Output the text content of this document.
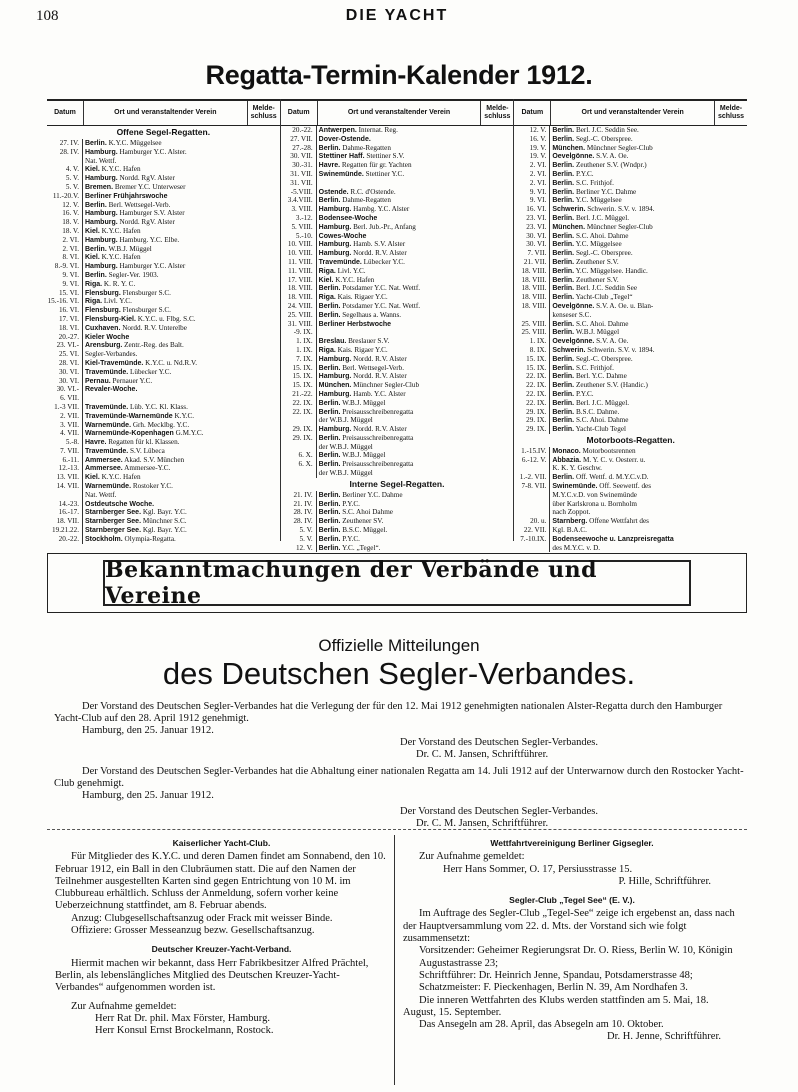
108	DIE YACHT
Regatta-Termin-Kalender 1912.
Datum	Ort und veranstaltender Verein
Melde-schluss
Offene Segel-Regatten.
27. IV. Berlin. K.Y.C. Müggelsee
28. IV. Hamburg. Hamburger Y.C. Alster.
Nat. Wettf.
4. V. Kiel. K.Y.C. Hafen
5. V. Hamburg. Nordd. RgV. Alster
5. V. Bremen. Bremer Y.C. Unterweser
11.-20.V. Berliner Frühjahrswoche
12. V. Berlin. Berl. Wettsegel-Verb.
16. V. Hamburg. Hamburger S.V. Alster
18. V. Hamburg. Nordd. RgV. Alster
18. V. Kiel. K.Y.C. Hafen
2. VI. Hamburg. Hamburg. Y.C. Elbe.
2. VI. Berlin. W.B.J. Müggel
8. VI. Kiel. K.Y.C. Hafen
8.-9. VI. Hamburg. Hamburger Y.C. Alster
9. VI. Berlin. Segler-Ver. 1903.
9. VI. Riga. K. R. Y. C.
15. VI. Flensburg. Flensburger S.C.
15.-16. VI. Riga. Livl. Y.C.
16. VI. Flensburg. Flensburger S.C.
17. VI. Flensburg-Kiel. K.Y.C. u. Flbg. S.C.
18. VI. Cuxhaven. Nordd. R.V. Unterelbe
20.-27. Kieler Woche
23. VI.- Arensburg. Zentr.-Reg. des Balt.
25. VI. Segler-Verbandes.
28. VI. Kiel-Travemünde. K.Y.C. u. Nd.R.V.
30. VI. Travemünde. Lübecker Y.C.
30. VI. Pernau. Pernauer Y.C.
30. VI.- Revaler-Woche.
6. VII.
1.-3 VII. Travemünde. Lüb. Y.C. Kl. Klass.
2. VII. Travemünde-Warnemünde K.Y.C.
3. VII. Warnemünde. Grh. Mecklbg. Y.C.
4. VII. Warnemünde-Kopenhagen G.M.Y.C.
5.-8. Havre. Regatten für kl. Klassen.
7. VII. Travemünde. S.V. Lübeca
6.-11. Ammersee. Akad. S.V. München
12.-13. Ammersee. Ammersee-Y.C.
13. VII. Kiel. K.Y.C. Hafen
14. VII. Warnemünde. Rostoker Y.C.
Nat. Wettf.
14.-23. Ostdeutsche Woche.
16.-17. Starnberger See. Kgl. Bayr. Y.C.
18. VII. Starnberger See. Münchner S.C.
19.21.22. Starnberger See. Kgl. Bayr. Y.C.
20.-22. Stockholm. Olympia-Regatta.
Datum	Ort und veranstaltender Verein
Melde-schluss
20.-22. Antwerpen. Internat. Reg.
27. VII. Dover-Ostende.
27.-28. Berlin. Dahme-Regatten
30. VII. Stettiner Haff. Stettiner S.V.
30.-31. Havre. Regatten für gr. Yachten
31. VII. Swinemünde. Stettiner Y.C.
31. VII.
-5.VIII. Ostende. R.C. d'Ostende.
3.4.VIII. Berlin. Dahme-Regatten
3. VIII. Hamburg. Hambg. Y.C. Alster
3.-12. Bodensee-Woche
5. VIII. Hamburg. Berl. Jub.-Pr., Anfang
5.-10. Cowes-Woche
10. VIII. Hamburg. Hamb. S.V. Alster
10. VIII. Hamburg. Nordd. R.V. Alster
11. VIII. Travemünde. Lübecker Y.C.
11. VIII. Riga. Livl. Y.C.
17. VIII. Kiel. K.Y.C. Hafen
18. VIII. Berlin. Potsdamer Y.C. Nat. Wettf.
18. VIII. Riga. Kais. Rigaer Y.C.
24. VIII. Berlin. Potsdamer Y.C. Nat. Wettf.
25. VIII. Berlin. Segelhaus a. Wanns.
31. VIII. Berliner Herbstwoche
-9. IX.
1. IX. Breslau. Breslauer S.V.
1. IX. Riga. Kais. Rigaer Y.C.
7. IX. Hamburg. Nordd. R.V. Alster
15. IX. Berlin. Berl. Wettsegel-Verb.
15. IX. Hamburg. Nordd. R.V. Alster
15. IX. München. Münchner Segler-Club
21.-22. Hamburg. Hamb. Y.C. Alster
22. IX. Berlin. W.B.J. Müggel
22. IX. Berlin. Preisausschreibenregatta
der W.B.J. Müggel
29. IX. Hamburg. Nordd. R.V. Alster
29. IX. Berlin. Preisausschreibenregatta
der W.B.J. Müggel
6. X. Berlin. W.B.J. Müggel
6. X. Berlin. Preisausschreibenregatta
der W.B.J. Müggel
Interne Segel-Regatten.
21. IV. Berlin. Berliner Y.C. Dahme
21. IV. Berlin. P.Y.C.
28. IV. Berlin. S.C. Ahoi Dahme
28. IV. Berlin. Zeuthener SV.
5. V. Berlin. B.S.C. Müggel.
5. V. Berlin. P.Y.C.
12. V. Berlin. Y.C. „Tegel“.
Datum	Ort und veranstaltender Verein
Melde-schluss
12. V. Berlin. Berl. J.C. Seddin See.
16. V. Berlin. Segl.-C. Oberspree.
19. V. München. Münchner Segler-Club
19. V. Oevelgönne. S.V. A. Oe.
2. VI. Berlin. Zeuthener S.V. (Wndpr.)
2. VI. Berlin. P.Y.C.
2. VI. Berlin. S.C. Frithjof.
9. VI. Berlin. Berliner Y.C. Dahme
9. VI. Berlin. Y.C. Müggelsee
16. VI. Schwerin. Schwerin. S.V. v. 1894.
23. VI. Berlin. Berl. J.C. Müggel.
23. VI. München. Münchner Segler-Club
30. VI. Berlin. S.C. Ahoi. Dahme
30. VI. Berlin. Y.C. Müggelsee
7. VII. Berlin. Segl.-C. Oberspree.
21. VII. Berlin. Zeuthener S.V.
18. VIII. Berlin. Y.C. Müggelsee. Handic.
18. VIII. Berlin. Zeuthener S.V.
18. VIII. Berlin. Berl. J.C. Seddin See
18. VIII. Berlin. Yacht-Club „Tegel“
18. VIII. Oevelgönne. S.V. A. Oe. u. Blan-
kenseser S.C.
25. VIII. Berlin. S.C. Ahoi. Dahme
25. VIII. Berlin. W.B.J. Müggel
1. IX. Oevelgönne. S.V. A. Oe.
8. IX. Schwerin. Schwerin. S.V. v. 1894.
15. IX. Berlin. Segl.-C. Oberspree.
15. IX. Berlin. S.C. Frithjof.
22. IX. Berlin. Berl. Y.C. Dahme
22. IX. Berlin. Zeuthener S.V. (Handic.)
22. IX. Berlin. P.Y.C.
22. IX. Berlin. Berl. J.C. Müggel.
29. IX. Berlin. B.S.C. Dahme.
29. IX. Berlin. S.C. Ahoi. Dahme
29. IX. Berlin. Yacht-Club Tegel
Motorboots-Regatten.
1.-15.IV. Monaco. Motorbootsrennen
6.-12. V. Abbazia. M. Y. C. v. Oesterr. u.
K. K. Y. Geschw.
1.-2. VII. Berlin. Off. Wettf. d. M.Y.C.v.D.
7-8. VII. Swinemünde. Off. Seewettf. des
M.Y.C.v.D. von Swinemünde
über Karlskrona u. Bornholm
nach Zoppot.
20. u. Starnberg. Offene Wettfahrt des
22. VII. Kgl. B.A.C.
7.-10.IX. Bodenseewoche u. Lanzpreisregatta
des M.Y.C. v. D.
Bekanntmachungen der Verbände und Vereine
Offizielle Mitteilungen
des Deutschen Segler-Verbandes.

Der Vorstand des Deutschen Segler-Verbandes hat die Verlegung der für den 12. Mai 1912 genehmigten nationalen Alster-Regatta durch den Hamburger Yacht-Club auf den 28. April 1912 genehmigt.

Hamburg, den 25. Januar 1912.
Der Vorstand des Deutschen Segler-Verbandes.
Dr. C. M. Jansen, Schriftführer.

Der Vorstand des Deutschen Segler-Verbandes hat die Abhaltung einer nationalen Regatta am 14. Juli 1912 auf der Unterwarnow durch den Rostocker Yacht-Club genehmigt.

Hamburg, den 25. Januar 1912.
Der Vorstand des Deutschen Segler-Verbandes.
Dr. C. M. Jansen, Schriftführer.
Kaiserlicher Yacht-Club.

Für Mitglieder des K.Y.C. und deren Damen findet am Sonnabend, den 10. Februar 1912, ein Ball in den Clubräumen statt. Die auf den Namen der Teilnehmer ausgestellten Karten sind gegen Entrichtung von 10 M. im Clubbureau erhältlich. Schluss der Anmeldung, sofern vorher keine Ueberzeichnung stattfindet, am 8. Februar abends.

Anzug: Clubgesellschaftsanzug oder Frack mit weisser Binde.

Offiziere: Grosser Messeanzug bezw. Gesellschaftsanzug.

Deutscher Kreuzer-Yacht-Verband.

Hiermit machen wir bekannt, dass Herr Fabrikbesitzer Alfred Prächtel, Berlin, als lebenslängliches Mitglied des Deutschen Kreuzer-Yacht-Verbandes“ aufgenommen worden ist.

Zur Aufnahme gemeldet:

Herr Rat Dr. phil. Max Förster, Hamburg.

Herr Konsul Ernst Brockelmann, Rostock.

Wettfahrtvereinigung Berliner Gigsegler.

Zur Aufnahme gemeldet:

Herr Hans Sommer, O. 17, Persiusstrasse 15.

P. Hille, Schriftführer.

Segler-Club „Tegel See“ (E. V.).

Im Auftrage des Segler-Club „Tegel-See“ zeige ich ergebenst an, dass nach der Hauptversammlung vom 22. d. Mts. der Vorstand sich wie folgt zusammensetzt:

Vorsitzender: Geheimer Regierungsrat Dr. O. Riess, Berlin W. 10, Königin Augustastrasse 23;

Schriftführer: Dr. Heinrich Jenne, Spandau, Potsdamerstrasse 48;

Schatzmeister: F. Pieckenhagen, Berlin N. 39, Am Nordhafen 3.

Die inneren Wettfahrten des Klubs werden stattfinden am 5. Mai, 18. August, 15. September.

Das Ansegeln am 28. April, das Absegeln am 10. Oktober.

Dr. H. Jenne, Schriftführer.
